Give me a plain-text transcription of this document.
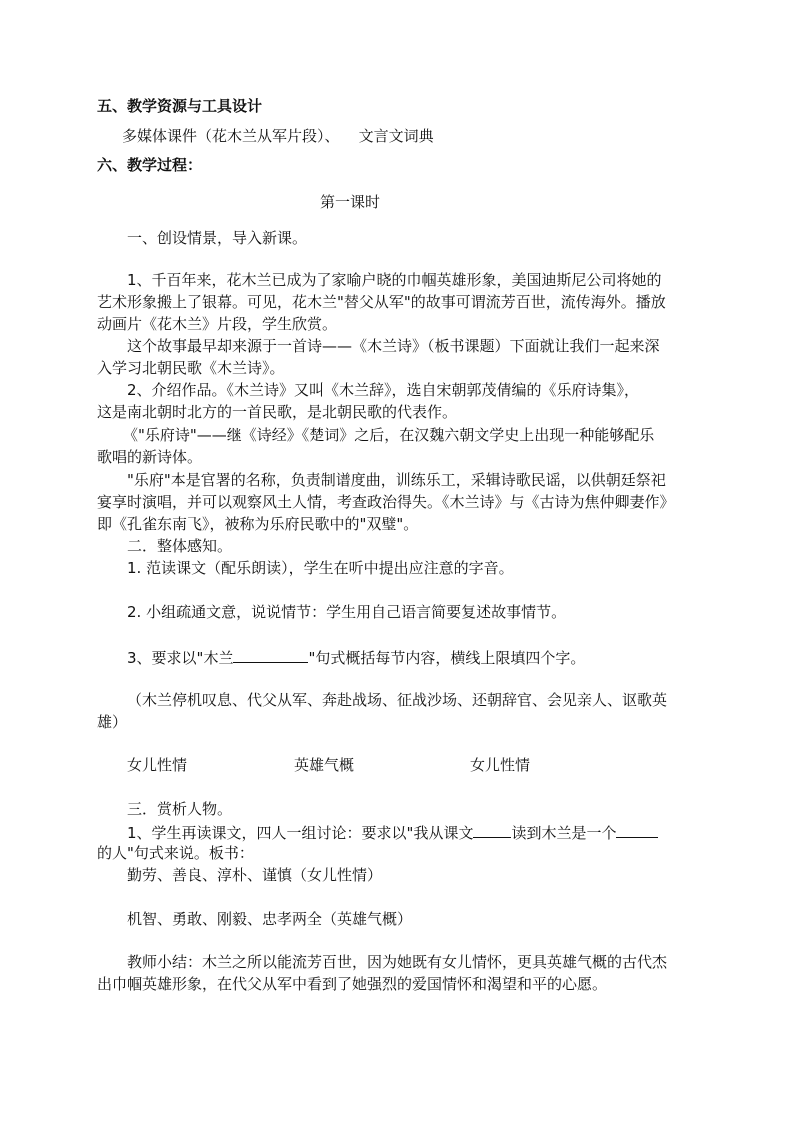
五、教学资源与工具设计
多媒体课件（花木兰从军片段）、    文言文词典
六、教学过程：
第一课时
一、创设情景，导入新课。
1、千百年来，花木兰已成为了家喻户晓的巾帼英雄形象，美国迪斯尼公司将她的
艺术形象搬上了银幕。可见，花木兰"替父从军"的故事可谓流芳百世，流传海外。播放
动画片《花木兰》片段，学生欣赏。
这个故事最早却来源于一首诗——《木兰诗》（板书课题）下面就让我们一起来深
入学习北朝民歌《木兰诗》。
2、介绍作品。《木兰诗》又叫《木兰辞》，选自宋朝郭茂倩编的《乐府诗集》，
这是南北朝时北方的一首民歌，是北朝民歌的代表作。
《"乐府诗"——继《诗经》《楚词》之后，在汉魏六朝文学史上出现一种能够配乐
歌唱的新诗体。
"乐府"本是官署的名称，负责制谱度曲，训练乐工，采辑诗歌民谣，以供朝廷祭祀
宴享时演唱，并可以观察风土人情，考查政治得失。《木兰诗》与《古诗为焦仲卿妻作》
即《孔雀东南飞》，被称为乐府民歌中的"双璧"。
二．整体感知。
1. 范读课文（配乐朗读），学生在听中提出应注意的字音。
2. 小组疏通文意，说说情节：学生用自己语言简要复述故事情节。
3、要求以"木兰	"句式概括每节内容，横线上限填四个字。
（木兰停机叹息、代父从军、奔赴战场、征战沙场、还朝辞官、会见亲人、讴歌英
雄）
女儿性情	英雄气概	女儿性情
三．赏析人物。
1、学生再读课文，四人一组讨论：要求以"我从课文	读到木兰是一个
的人"句式来说。板书：
勤劳、善良、淳朴、谨慎（女儿性情）
机智、勇敢、刚毅、忠孝两全（英雄气概）
教师小结：木兰之所以能流芳百世，因为她既有女儿情怀，更具英雄气概的古代杰
出巾帼英雄形象，在代父从军中看到了她强烈的爱国情怀和渴望和平的心愿。
